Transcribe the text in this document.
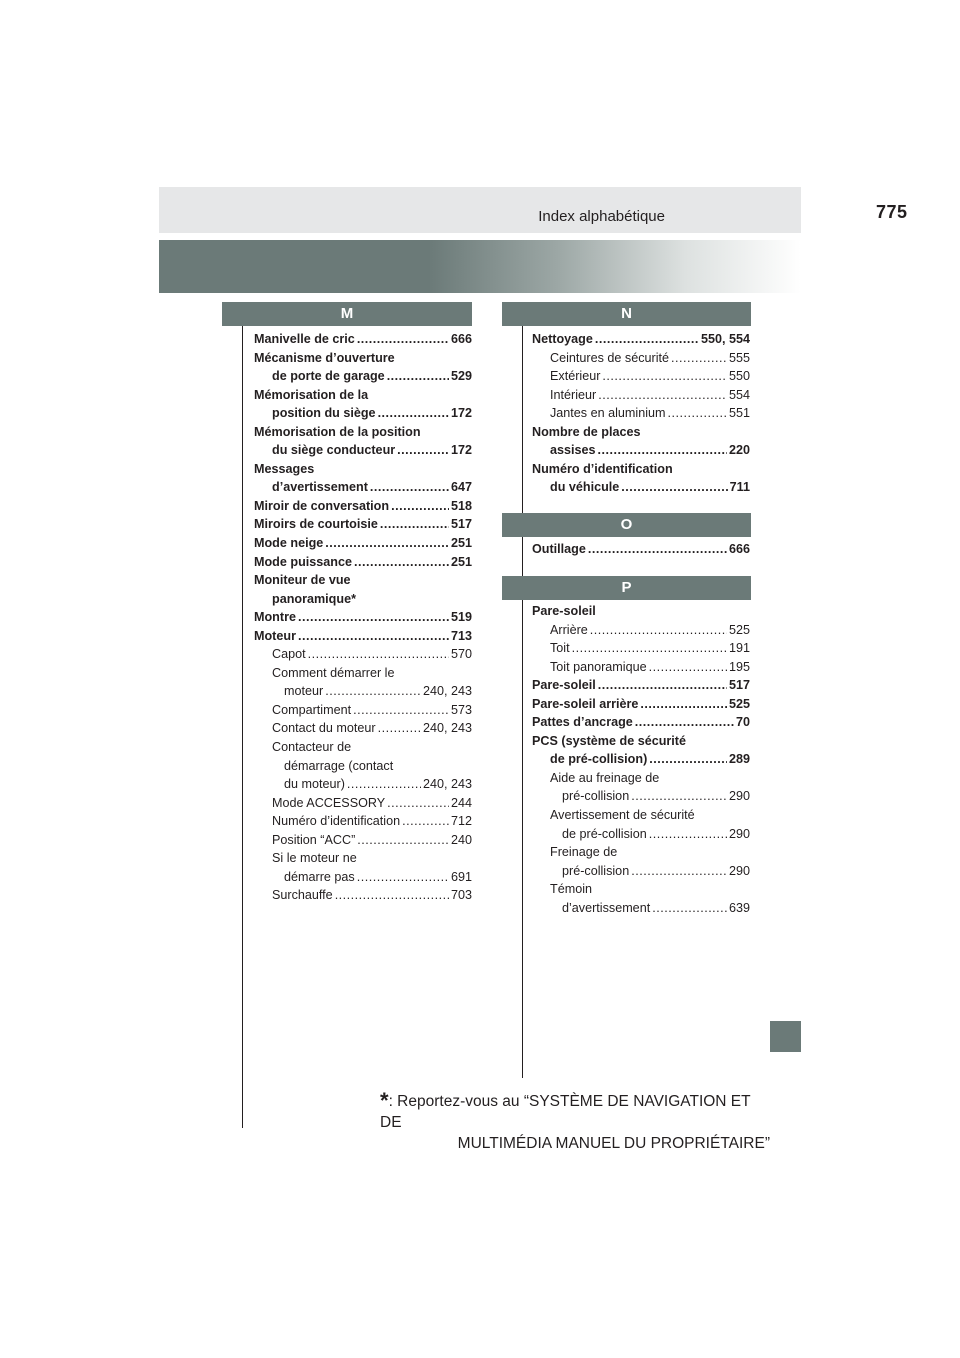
Index alphabétique	775
M
Manivelle de cric .....	666
Mécanisme d’ouverture
de porte de garage .....	529
Mémorisation de la
position du siège .....	172
Mémorisation de la position
du siège conducteur .....	172
Messages
d’avertissement .....	647
Miroir de conversation .....	518
Miroirs de courtoisie .....	517
Mode neige .....	251
Mode puissance .....	251
Moniteur de vue
panoramique*
Montre .....	519
Moteur .....	713
Capot .....	570
Comment démarrer le
moteur .....	240, 243
Compartiment .....	573
Contact du moteur .....	240, 243
Contacteur de
démarrage (contact
du moteur) .....	240, 243
Mode ACCESSORY .....	244
Numéro d’identification .....	712
Position “ACC” .....	240
Si le moteur ne
démarre pas .....	691
Surchauffe .....	703
N
Nettoyage .....	550, 554
Ceintures de sécurité .....	555
Extérieur .....	550
Intérieur .....	554
Jantes en aluminium .....	551
Nombre de places
assises .....	220
Numéro d’identification
du véhicule .....	711
O
Outillage .....	666
P
Pare-soleil
Arrière .....	525
Toit .....	191
Toit panoramique .....	195
Pare-soleil .....	517
Pare-soleil arrière .....	525
Pattes d’ancrage .....	70
PCS (système de sécurité
de pré-collision) .....	289
Aide au freinage de
pré-collision .....	290
Avertissement de sécurité
de pré-collision .....	290
Freinage de
pré-collision .....	290
Témoin
d’avertissement .....	639
*: Reportez-vous au “SYSTÈME DE NAVIGATION ET DE
MULTIMÉDIA MANUEL DU PROPRIÉTAIRE”
